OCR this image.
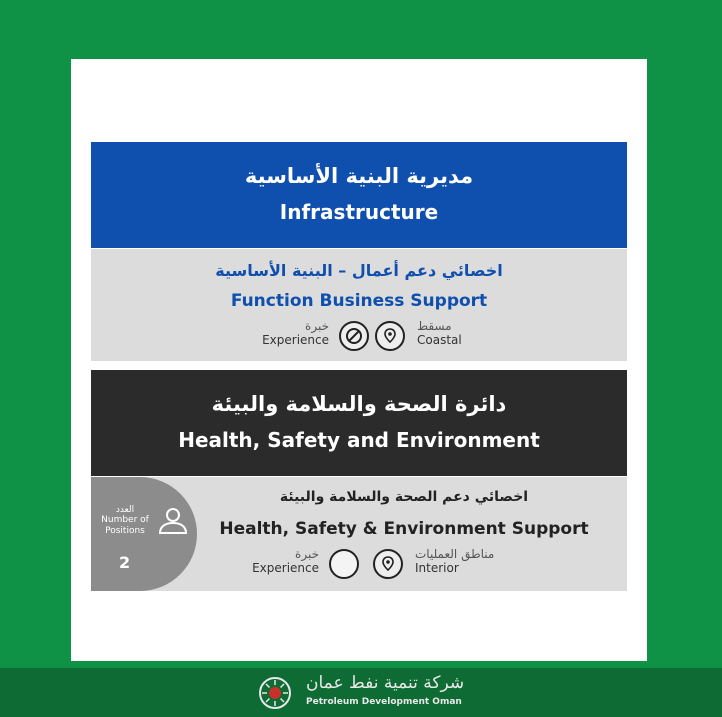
مديرية البنية الأساسية
Infrastructure
اخصائي دعم أعمال – البنية الأساسية
Function Business Support
خبرة
Experience
مسقط
Coastal
دائرة الصحة والسلامة والبيئة
Health, Safety and Environment
العدد
Number of Positions
2
اخصائي دعم الصحة والسلامة والبيئة
Health, Safety & Environment Support
خبرة
Experience
مناطق العمليات
Interior
شركة تنمية نفط عمان
Petroleum Development Oman
